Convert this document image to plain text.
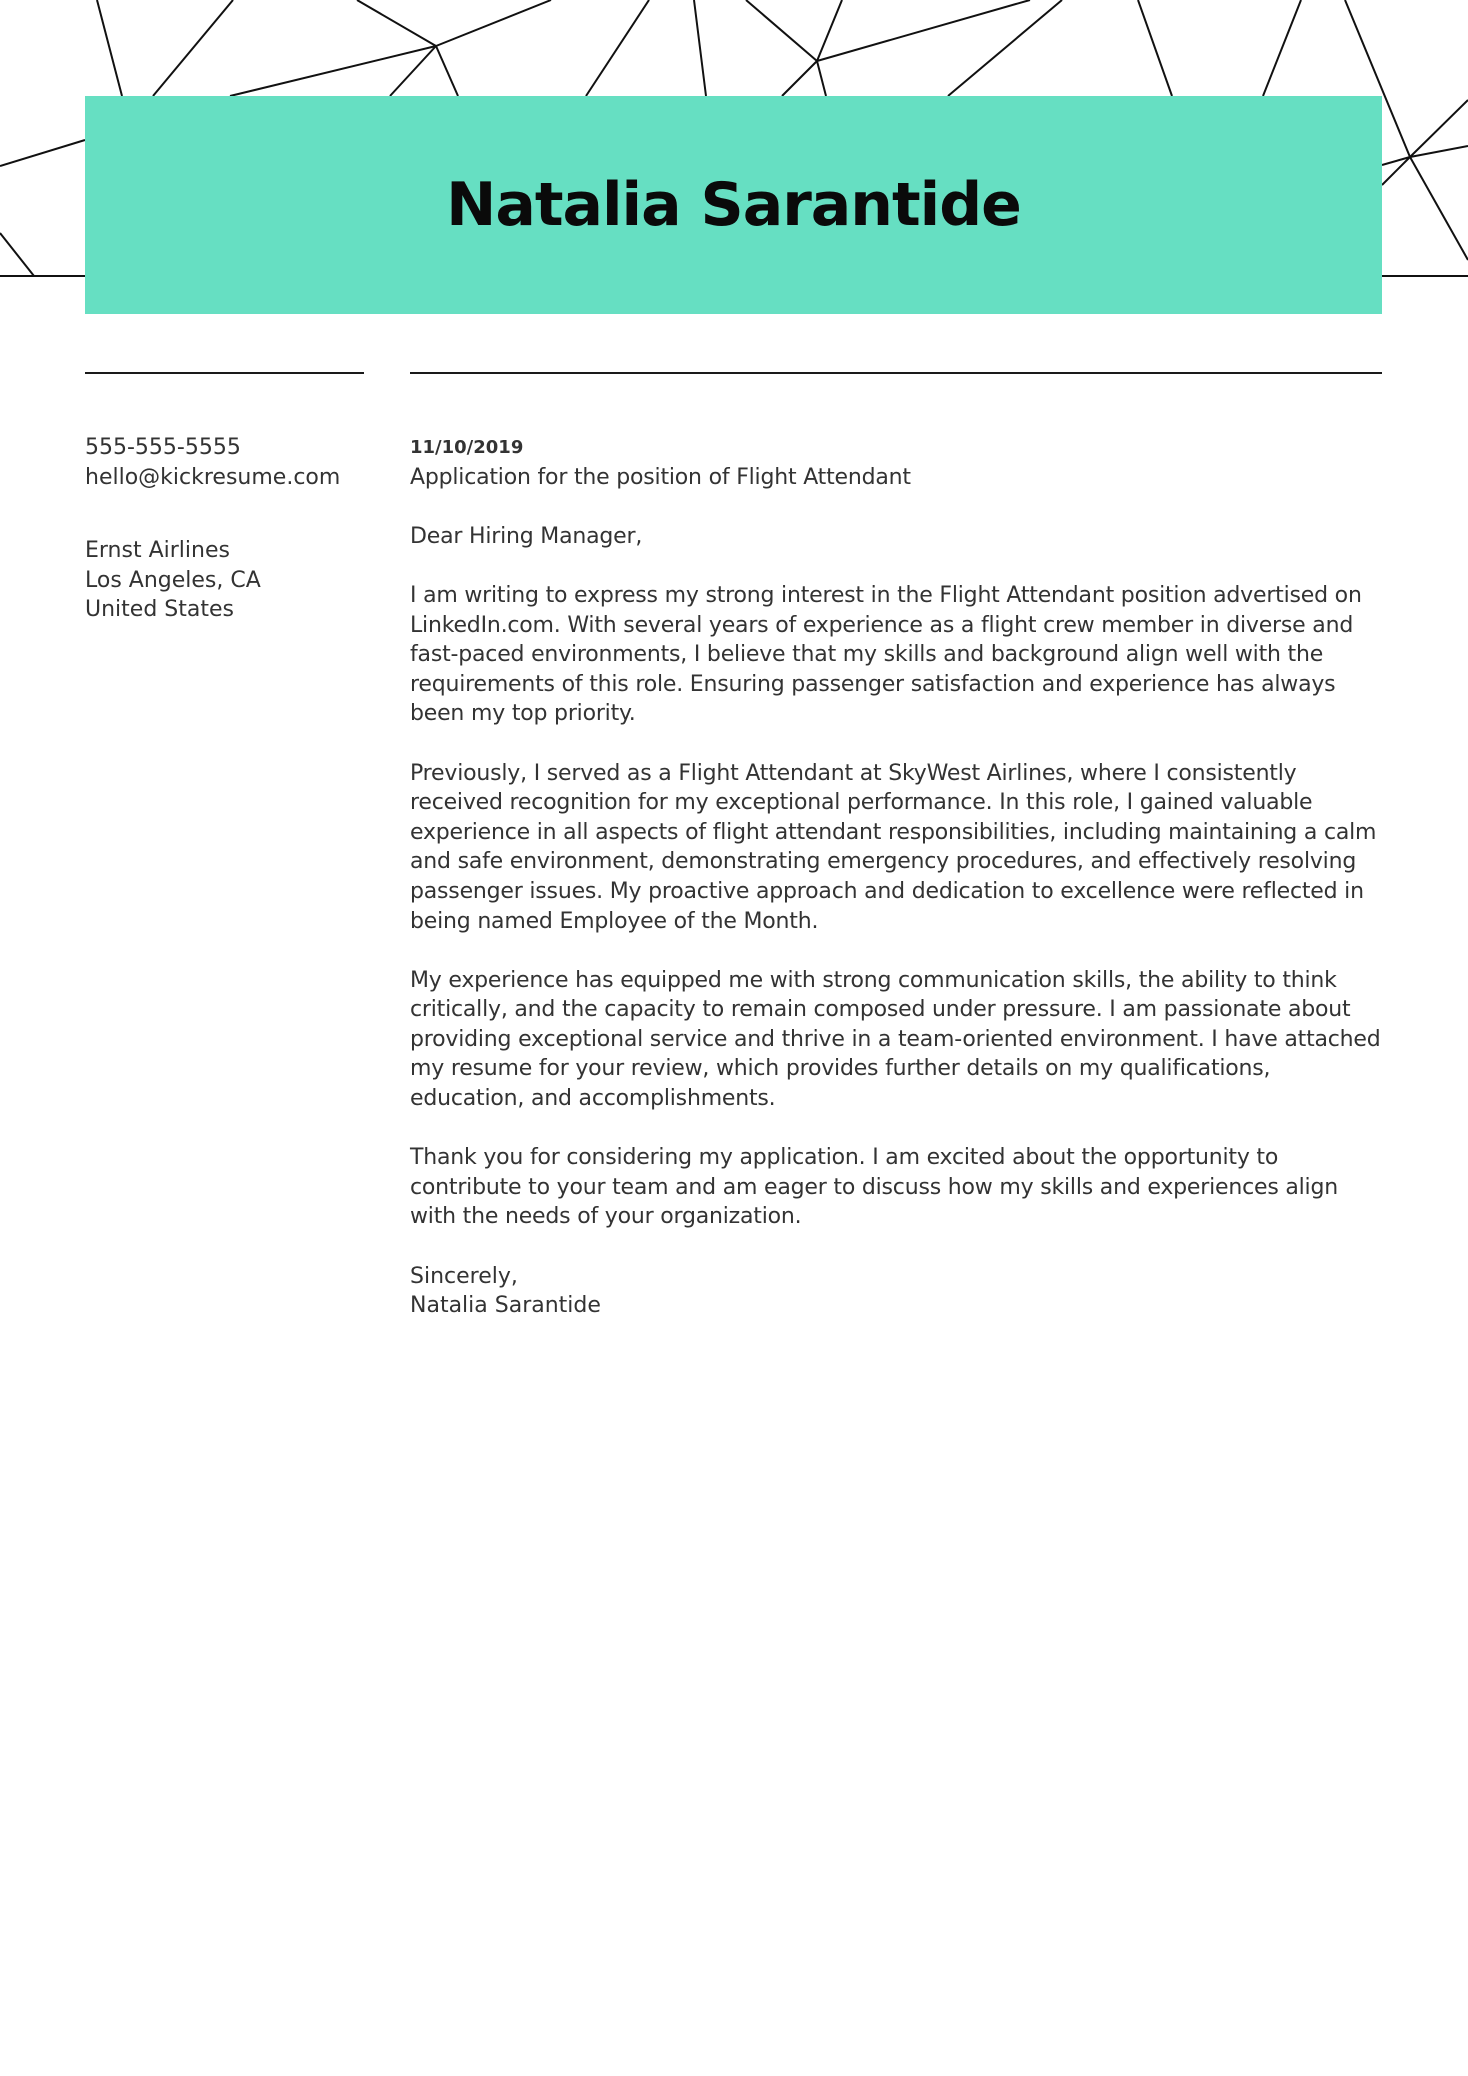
Natalia Sarantide
555-555-5555
hello@kickresume.com
Ernst Airlines
Los Angeles, CA
United States
11/10/2019

Application for the position of Flight Attendant

Dear Hiring Manager,

I am writing to express my strong interest in the Flight Attendant position advertised on LinkedIn.com. With several years of experience as a flight crew member in diverse and fast-paced environments, I believe that my skills and background align well with the requirements of this role. Ensuring passenger satisfaction and experience has always been my top priority.

Previously, I served as a Flight Attendant at SkyWest Airlines, where I consistently received recognition for my exceptional performance. In this role, I gained valuable experience in all aspects of flight attendant responsibilities, including maintaining a calm and safe environment, demonstrating emergency procedures, and effectively resolving passenger issues. My proactive approach and dedication to excellence were reflected in being named Employee of the Month.

My experience has equipped me with strong communication skills, the ability to think critically, and the capacity to remain composed under pressure. I am passionate about providing exceptional service and thrive in a team-oriented environment. I have attached my resume for your review, which provides further details on my qualifications, education, and accomplishments.

Thank you for considering my application. I am excited about the opportunity to contribute to your team and am eager to discuss how my skills and experiences align with the needs of your organization.

Sincerely,
Natalia Sarantide
